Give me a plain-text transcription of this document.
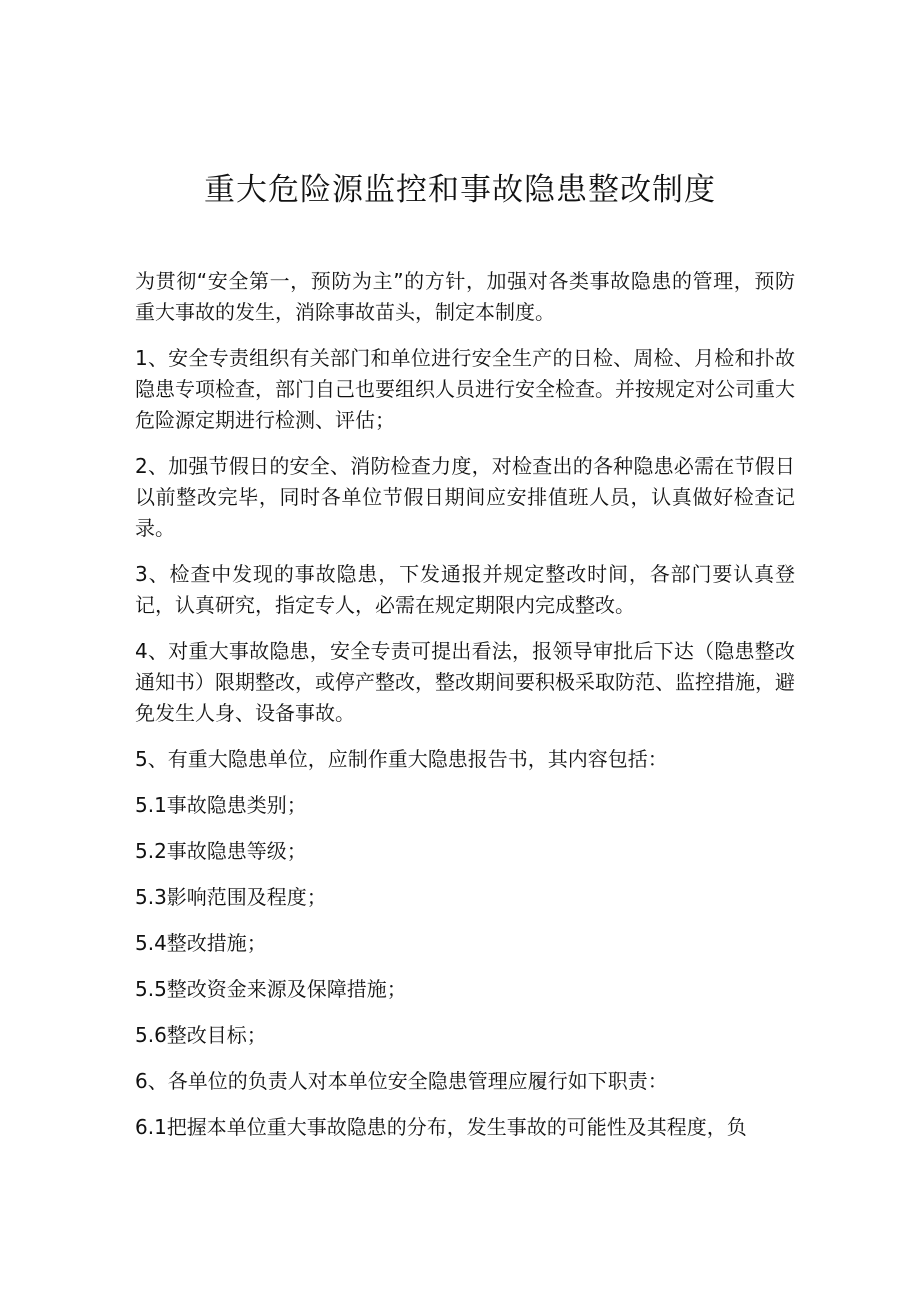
重大危险源监控和事故隐患整改制度

为贯彻“安全第一，预防为主”的方针，加强对各类事故隐患的管理，预防重大事故的发生，消除事故苗头，制定本制度。

1、安全专责组织有关部门和单位进行安全生产的日检、周检、月检和扑故隐患专项检查，部门自己也要组织人员进行安全检查。并按规定对公司重大危险源定期进行检测、评估；

2、加强节假日的安全、消防检查力度，对检查出的各种隐患必需在节假日以前整改完毕，同时各单位节假日期间应安排值班人员，认真做好检查记录。

3、检查中发现的事故隐患，下发通报并规定整改时间，各部门要认真登记，认真研究，指定专人，必需在规定期限内完成整改。

4、对重大事故隐患，安全专责可提出看法，报领导审批后下达（隐患整改通知书）限期整改，或停产整改，整改期间要积极采取防范、监控措施，避免发生人身、设备事故。

5、有重大隐患单位，应制作重大隐患报告书，其内容包括：

5.1事故隐患类别；

5.2事故隐患等级；

5.3影响范围及程度；

5.4整改措施；

5.5整改资金来源及保障措施；

5.6整改目标；

6、各单位的负责人对本单位安全隐患管理应履行如下职责：

6.1把握本单位重大事故隐患的分布，发生事故的可能性及其程度，负
